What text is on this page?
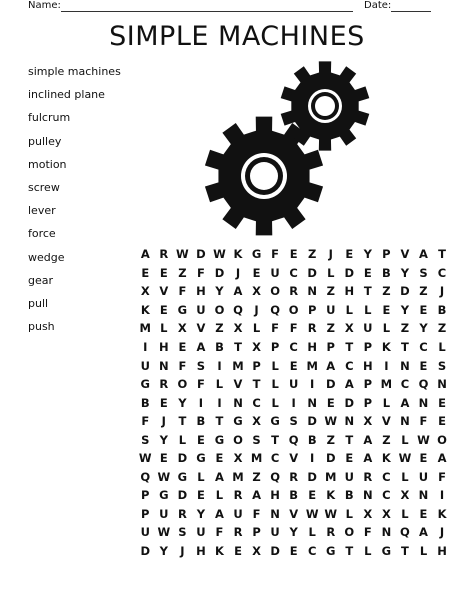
Name:	Date:
SIMPLE MACHINES
simple machines
inclined plane
fulcrum
pulley
motion
screw
lever
force
wedge
gear
pull
push
A R W D W K G F E Z	J	E Y P V A T
E E Z F D	J	E U C D L D E B Y S C
X V F H Y A X O R N Z H T Z D Z	J
K E G U O Q	J	Q O P U L L E Y E B
M L X V Z X L F F R Z X U L Z Y Z
I	H E A B T X P C H P T P K T C L
U N F S	I M P L E M A C H	I	N E S
G R O F L V T L U	I	D A P M C Q N
B E Y	I	I	N C L	I	N E D P L A N E
F	J	T B T G X G S D W N X V N F E
S Y L E G O S T Q B Z T A Z L W O
W E D G E X M C V	I	D E A K W E A
Q W G L A M Z Q R D M U R C L U F
P G D E L R A H B E K B N C X N	I
P U R Y A U F N V W W L X X L E K
U W S U F R P U Y L R O F N Q A	J
D Y	J	H K E X D E C G T L G T L H
